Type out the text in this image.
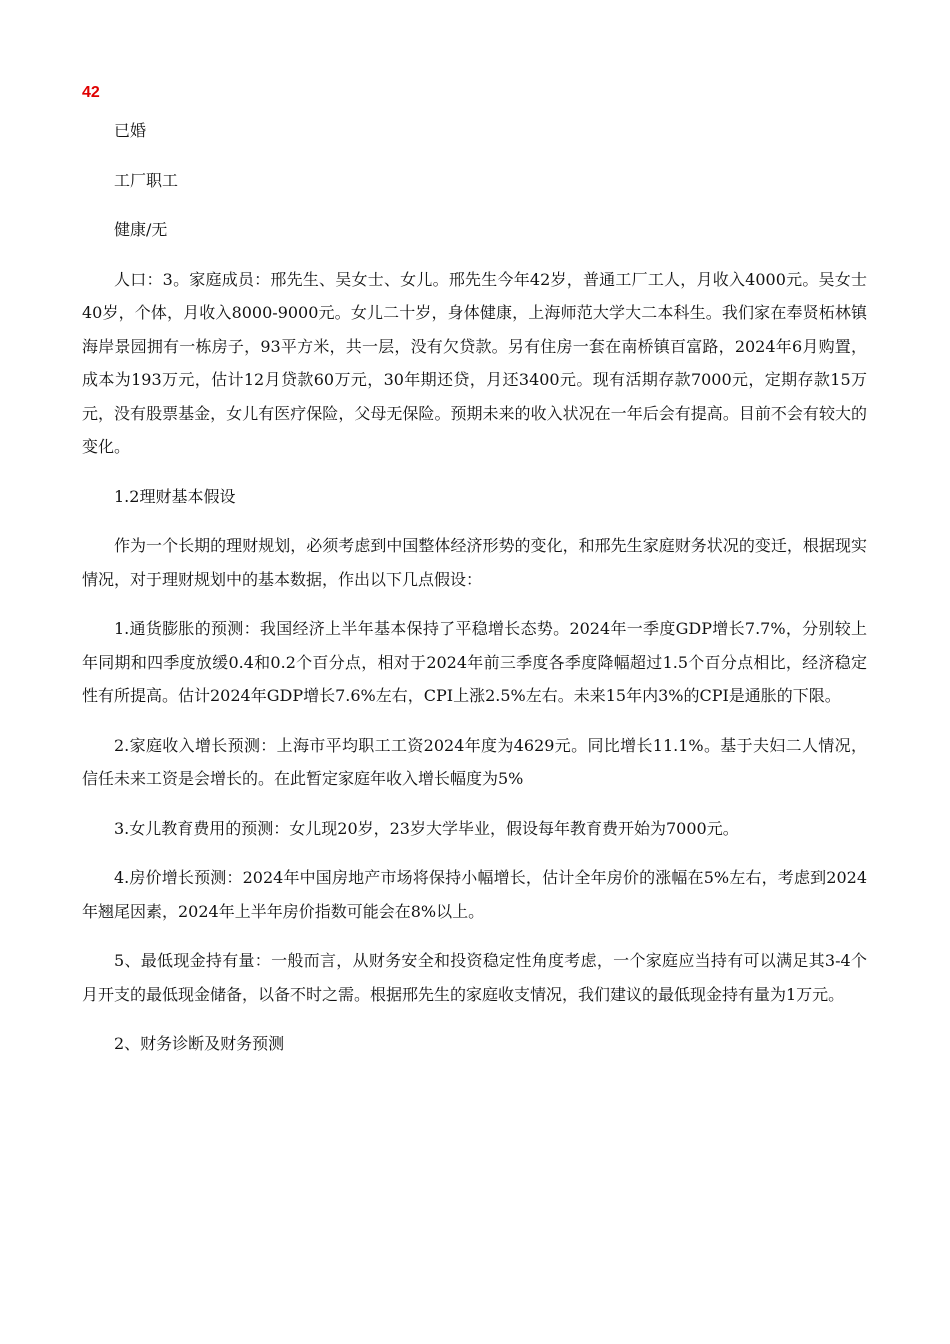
42

已婚

工厂职工

健康/无

人口：3。家庭成员：邢先生、吴女士、女儿。邢先生今年42岁，普通工厂工人，月收入4000元。吴女士40岁，个体，月收入8000-9000元。女儿二十岁，身体健康，上海师范大学大二本科生。我们家在奉贤柘林镇海岸景园拥有一栋房子，93平方米，共一层，没有欠贷款。另有住房一套在南桥镇百富路，2024年6月购置，成本为193万元，估计12月贷款60万元，30年期还贷，月还3400元。现有活期存款7000元，定期存款15万元，没有股票基金，女儿有医疗保险，父母无保险。预期未来的收入状况在一年后会有提高。目前不会有较大的变化。

1.2理财基本假设

作为一个长期的理财规划，必须考虑到中国整体经济形势的变化，和邢先生家庭财务状况的变迁，根据现实情况，对于理财规划中的基本数据，作出以下几点假设：

1.通货膨胀的预测：我国经济上半年基本保持了平稳增长态势。2024年一季度GDP增长7.7%，分别较上年同期和四季度放缓0.4和0.2个百分点，相对于2024年前三季度各季度降幅超过1.5个百分点相比，经济稳定性有所提高。估计2024年GDP增长7.6%左右，CPI上涨2.5%左右。未来15年内3%的CPI是通胀的下限。

2.家庭收入增长预测：上海市平均职工工资2024年度为4629元。同比增长11.1%。基于夫妇二人情况，信任未来工资是会增长的。在此暂定家庭年收入增长幅度为5%

3.女儿教育费用的预测：女儿现20岁，23岁大学毕业，假设每年教育费开始为7000元。

4.房价增长预测：2024年中国房地产市场将保持小幅增长，估计全年房价的涨幅在5%左右，考虑到2024年翘尾因素，2024年上半年房价指数可能会在8%以上。

5、最低现金持有量：一般而言，从财务安全和投资稳定性角度考虑，一个家庭应当持有可以满足其3-4个月开支的最低现金储备，以备不时之需。根据邢先生的家庭收支情况，我们建议的最低现金持有量为1万元。

2、财务诊断及财务预测
